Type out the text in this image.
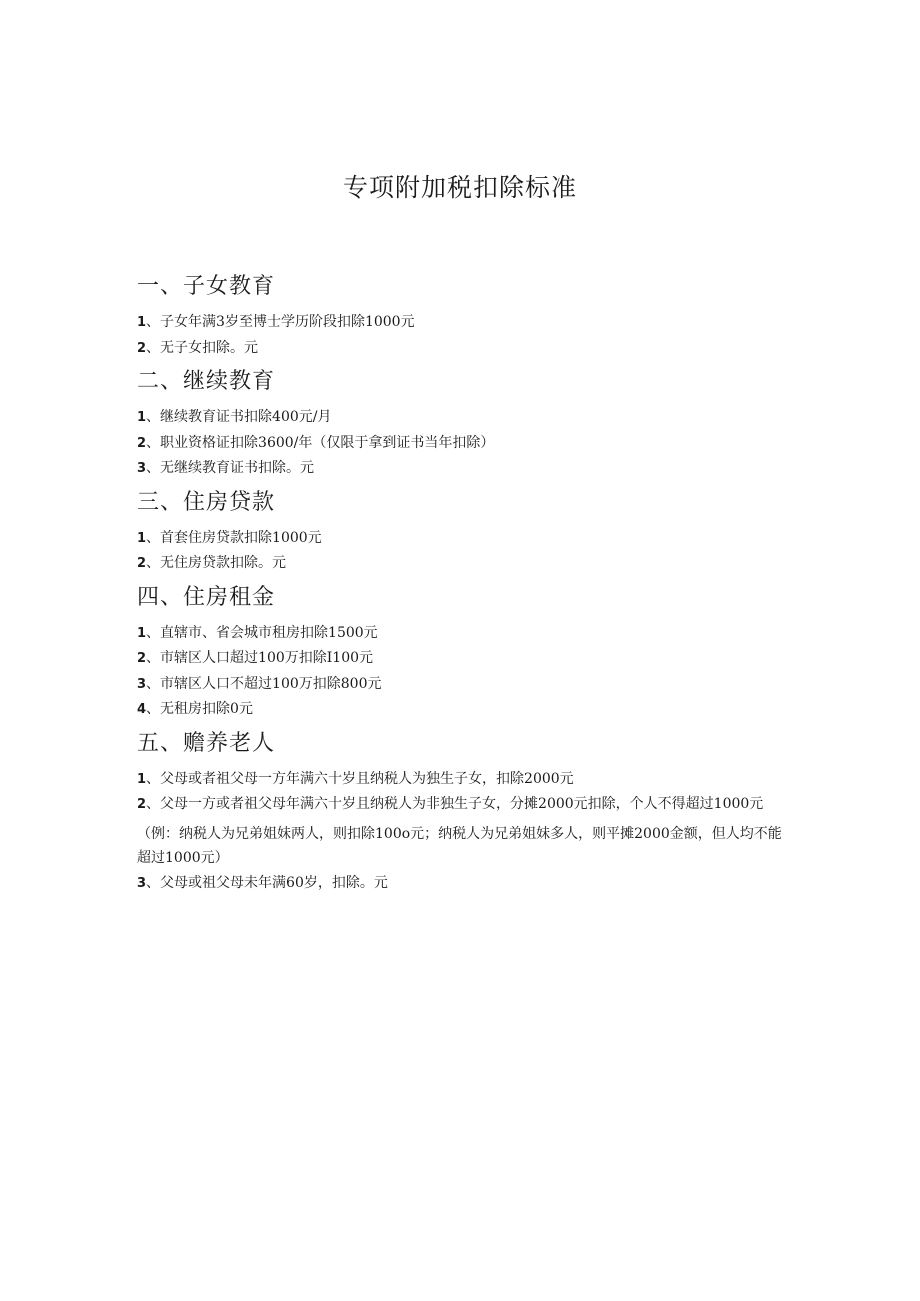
专项附加税扣除标准
一、子女教育
1、子女年满3岁至博士学历阶段扣除1000元
2、无子女扣除。元
二、继续教育
1、继续教育证书扣除400元/月
2、职业资格证扣除3600/年（仅限于拿到证书当年扣除）
3、无继续教育证书扣除。元
三、住房贷款
1、首套住房贷款扣除1000元
2、无住房贷款扣除。元
四、住房租金
1、直辖市、省会城市租房扣除1500元
2、市辖区人口超过100万扣除I100元
3、市辖区人口不超过100万扣除800元
4、无租房扣除0元
五、赡养老人
1、父母或者祖父母一方年满六十岁且纳税人为独生子女，扣除2000元
2、父母一方或者祖父母年满六十岁且纳税人为非独生子女，分摊2000元扣除，个人不得超过1000元

（例：纳税人为兄弟姐妹两人，则扣除100o元；纳税人为兄弟姐妹多人，则平摊2000金额，但人均不能超过1000元）

3、父母或祖父母未年满60岁，扣除。元
